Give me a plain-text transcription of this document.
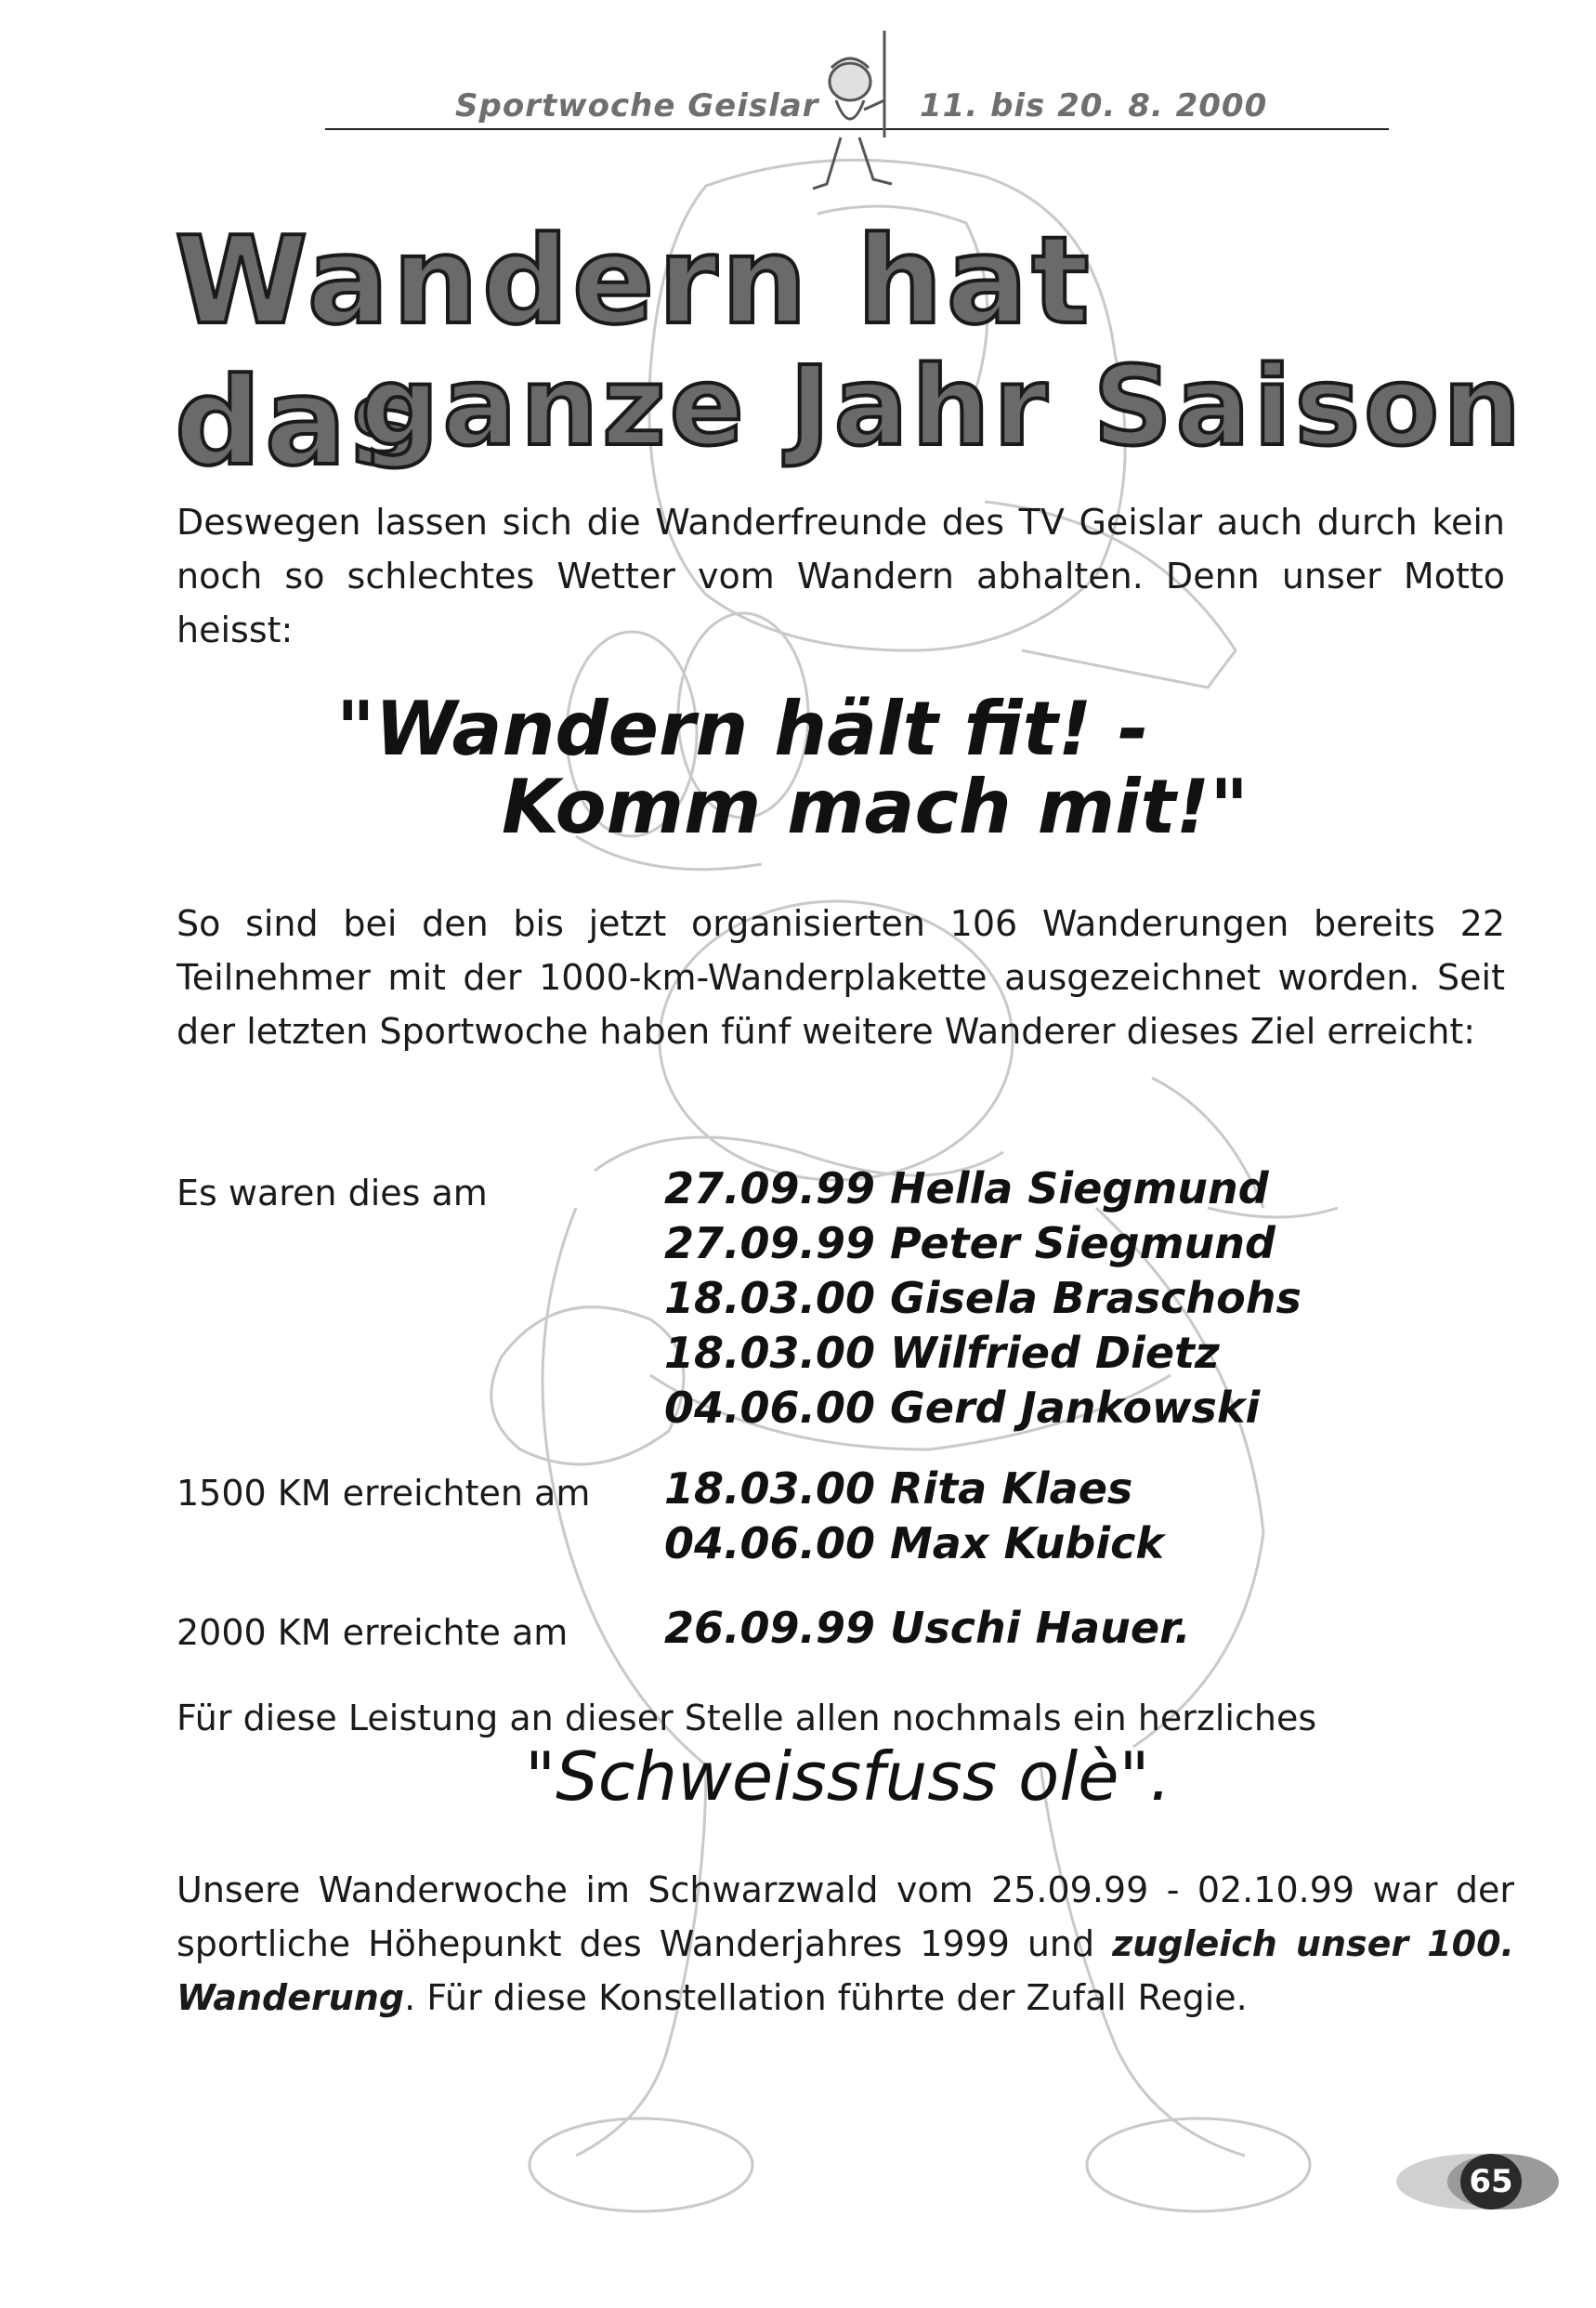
Sportwoche Geislar	11. bis 20. 8. 2000
Wandern hat das
ganze Jahr Saison
Deswegen lassen sich die Wanderfreunde des TV Geislar auch durch kein noch so schlechtes Wetter vom Wandern abhalten. Denn unser Motto heisst:
"Wandern hält fit! -
Komm mach mit!"
So sind bei den bis jetzt organisierten 106 Wanderungen bereits 22 Teilnehmer mit der 1000-km-Wanderplakette ausgezeichnet worden. Seit der letzten Sportwoche haben fünf weitere Wanderer dieses Ziel erreicht:
Es waren dies am	27.09.99 Hella Siegmund
27.09.99 Peter Siegmund
18.03.00 Gisela Braschohs
18.03.00 Wilfried Dietz
04.06.00 Gerd Jankowski
1500 KM erreichten am 18.03.00 Rita Klaes
04.06.00 Max Kubick
2000 KM erreichte am 26.09.99 Uschi Hauer.
Für diese Leistung an dieser Stelle allen nochmals ein herzliches
"Schweissfuss olè".
Unsere Wanderwoche im Schwarzwald vom 25.09.99 - 02.10.99 war der sportliche Höhepunkt des Wanderjahres 1999 und zugleich unser 100. Wanderung. Für diese Konstellation führte der Zufall Regie.
65
